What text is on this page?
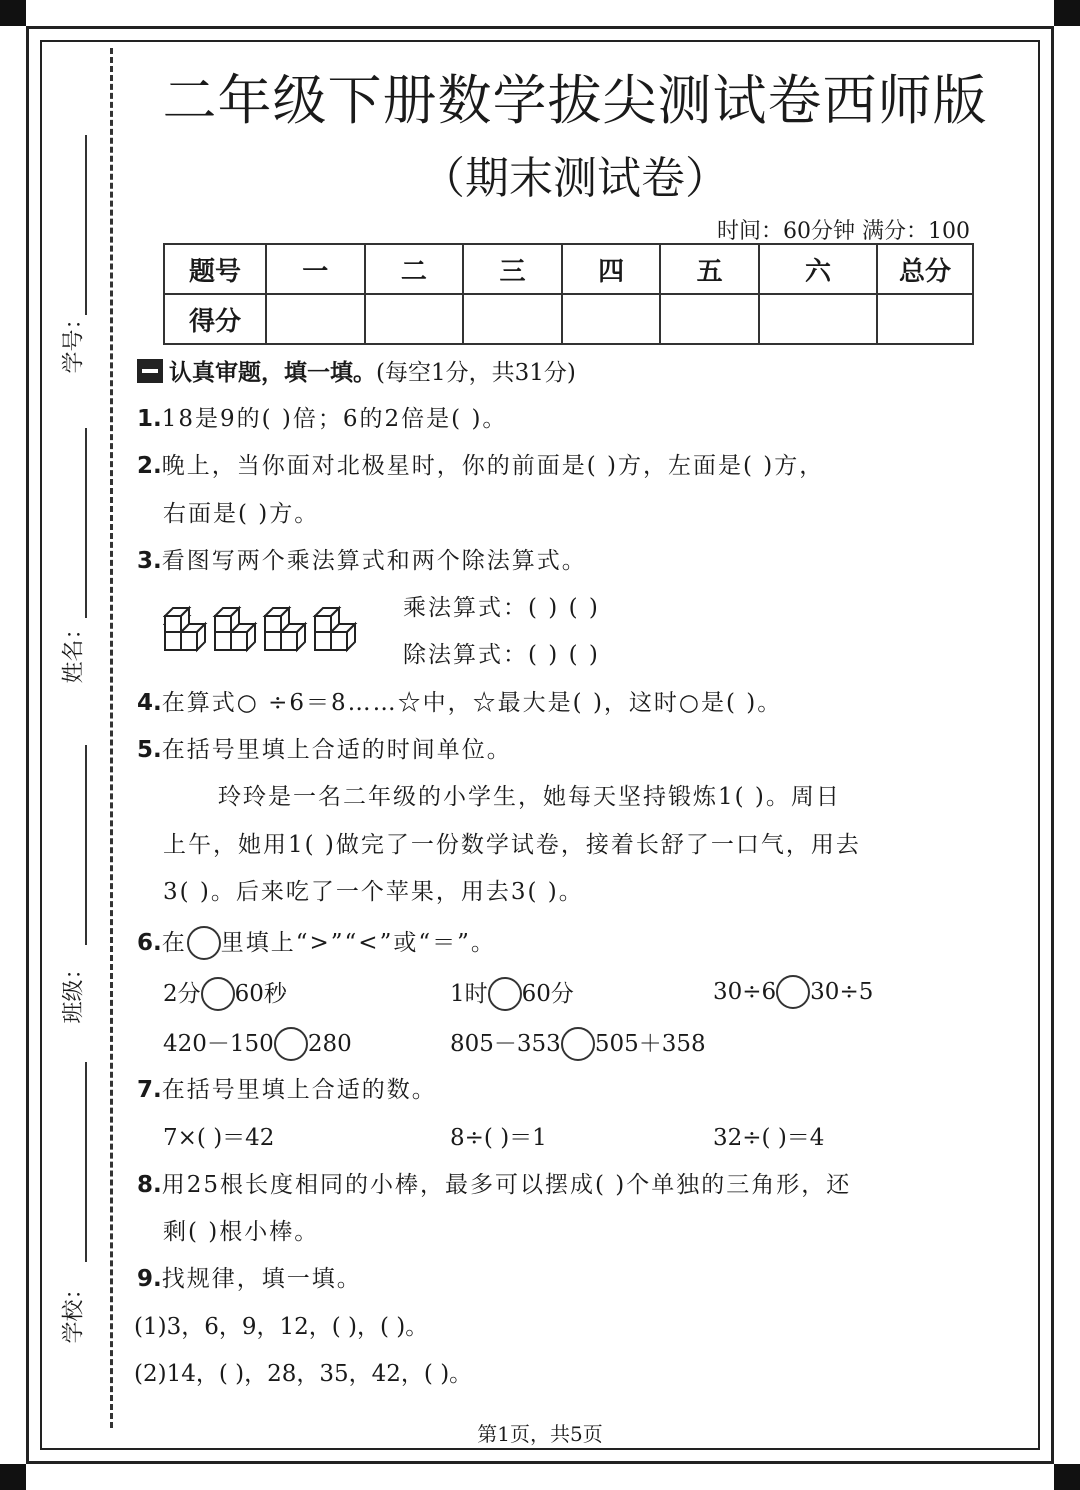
学号：
姓名：
班级：
学校：
二年级下册数学拔尖测试卷西师版
（期末测试卷）
时间：60分钟 满分：100
题号	一	二	三	四	五	六	总分
得分							
认真审题，填一填。(每空1分，共31分)
1.18是9的( )倍；6的2倍是( )。
2.晚上，当你面对北极星时，你的前面是( )方，左面是( )方，
右面是( )方。
3.看图写两个乘法算式和两个除法算式。
乘法算式：( ) ( )
除法算式：( ) ( )
4.在算式○ ÷6＝8……☆中，☆最大是( )，这时○是( )。
5.在括号里填上合适的时间单位。
玲玲是一名二年级的小学生，她每天坚持锻炼1( )。周日
上午，她用1( )做完了一份数学试卷，接着长舒了一口气，用去
3( )。后来吃了一个苹果，用去3( )。
6.在 里填上“>”“<”或“＝”。
2分 60秒	1时 60分	30÷6 30÷5
420－150 280	805－353 505＋358
7.在括号里填上合适的数。
7×( )＝42	8÷( )＝1	32÷( )＝4
8.用25根长度相同的小棒，最多可以摆成( )个单独的三角形，还
剩( )根小棒。
9.找规律，填一填。
(1)3，6，9，12，( )，( )。
(2)14，( )，28，35，42，( )。
第1页，共5页
